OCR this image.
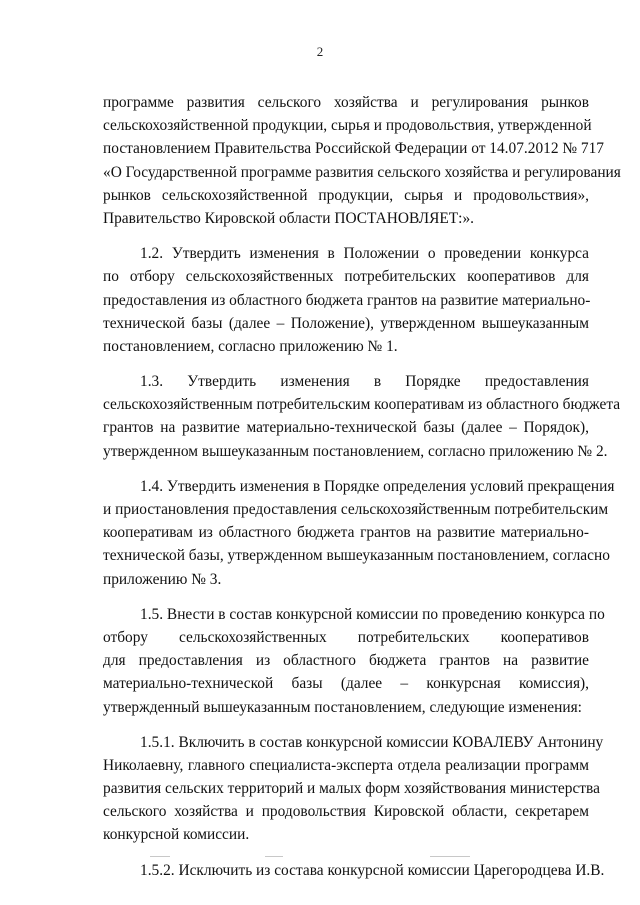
2
программе развития сельского хозяйства и регулирования рынков
сельскохозяйственной продукции, сырья и продовольствия, утвержденной
постановлением Правительства Российской Федерации от 14.07.2012 № 717
«О Государственной программе развития сельского хозяйства и регулирования
рынков сельскохозяйственной продукции, сырья и продовольствия»,
Правительство Кировской области ПОСТАНОВЛЯЕТ:».
1.2. Утвердить изменения в Положении о проведении конкурса
по отбору сельскохозяйственных потребительских кооперативов для
предоставления из областного бюджета грантов на развитие материально-
технической базы (далее – Положение), утвержденном вышеуказанным
постановлением, согласно приложению № 1.
1.3. Утвердить изменения в Порядке предоставления
сельскохозяйственным потребительским кооперативам из областного бюджета
грантов на развитие материально-технической базы (далее – Порядок),
утвержденном вышеуказанным постановлением, согласно приложению № 2.
1.4. Утвердить изменения в Порядке определения условий прекращения
и приостановления предоставления сельскохозяйственным потребительским
кооперативам из областного бюджета грантов на развитие материально-
технической базы, утвержденном вышеуказанным постановлением, согласно
приложению № 3.
1.5. Внести в состав конкурсной комиссии по проведению конкурса по
отбору сельскохозяйственных потребительских кооперативов
для предоставления из областного бюджета грантов на развитие
материально-технической базы (далее – конкурсная комиссия),
утвержденный вышеуказанным постановлением, следующие изменения:
1.5.1. Включить в состав конкурсной комиссии КОВАЛЕВУ Антонину
Николаевну, главного специалиста-эксперта отдела реализации программ
развития сельских территорий и малых форм хозяйствования министерства
сельского хозяйства и продовольствия Кировской области, секретарем
конкурсной комиссии.
1.5.2. Исключить из состава конкурсной комиссии Царегородцева И.В.
